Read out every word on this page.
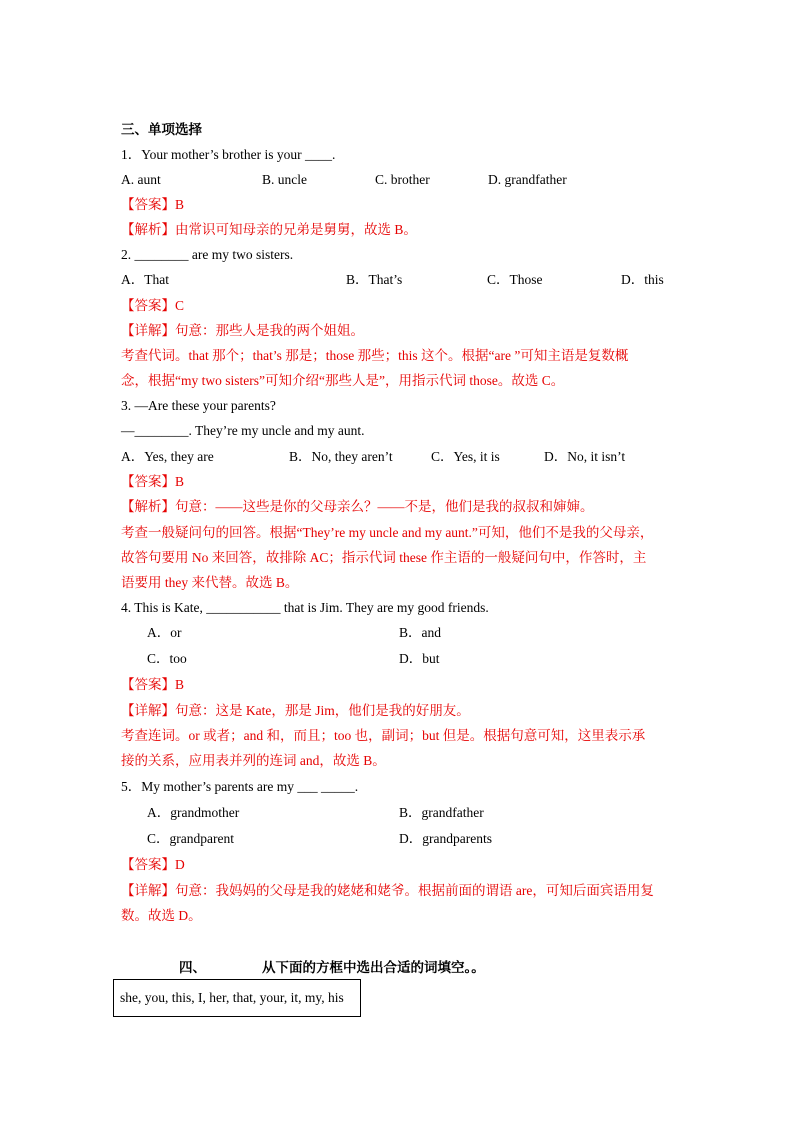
三、单项选择
1．Your mother’s brother is your ____.
A. aunt	B. uncle	C. brother	D. grandfather
【答案】B
【解析】由常识可知母亲的兄弟是舅舅，故选 B。
2. ________ are my two sisters.
A．That	B．That’s	C．Those	D．this
【答案】C
【详解】句意：那些人是我的两个姐姐。
考查代词。that 那个；that’s 那是；those 那些；this 这个。根据“are ”可知主语是复数概
念，根据“my two sisters”可知介绍“那些人是”，用指示代词 those。故选 C。
3. —Are these your parents?
—________. They’re my uncle and my aunt.
A．Yes, they are	B．No, they aren’t	C．Yes, it is	D．No, it isn’t
【答案】B
【解析】句意：——这些是你的父母亲么？——不是，他们是我的叔叔和婶婶。
考查一般疑问句的回答。根据“They’re my uncle and my aunt.”可知，他们不是我的父母亲，
故答句要用 No 来回答，故排除 AC；指示代词 these 作主语的一般疑问句中，作答时，主
语要用 they 来代替。故选 B。
4. This is Kate, ___________ that is Jim. They are my good friends.
A．or	B．and
C．too	D．but
【答案】B
【详解】句意：这是 Kate，那是 Jim，他们是我的好朋友。
考查连词。or 或者；and 和，而且；too 也，副词；but 但是。根据句意可知，这里表示承
接的关系，应用表并列的连词 and，故选 B。
5．My mother’s parents are my ___ _____.
A．grandmother	B．grandfather
C．grandparent	D．grandparents
【答案】D
【详解】句意：我妈妈的父母是我的姥姥和姥爷。根据前面的谓语 are，可知后面宾语用复
数。故选 D。
四、	从下面的方框中选出合适的词填空。。
she, you, this, I, her, that, your, it, my, his
